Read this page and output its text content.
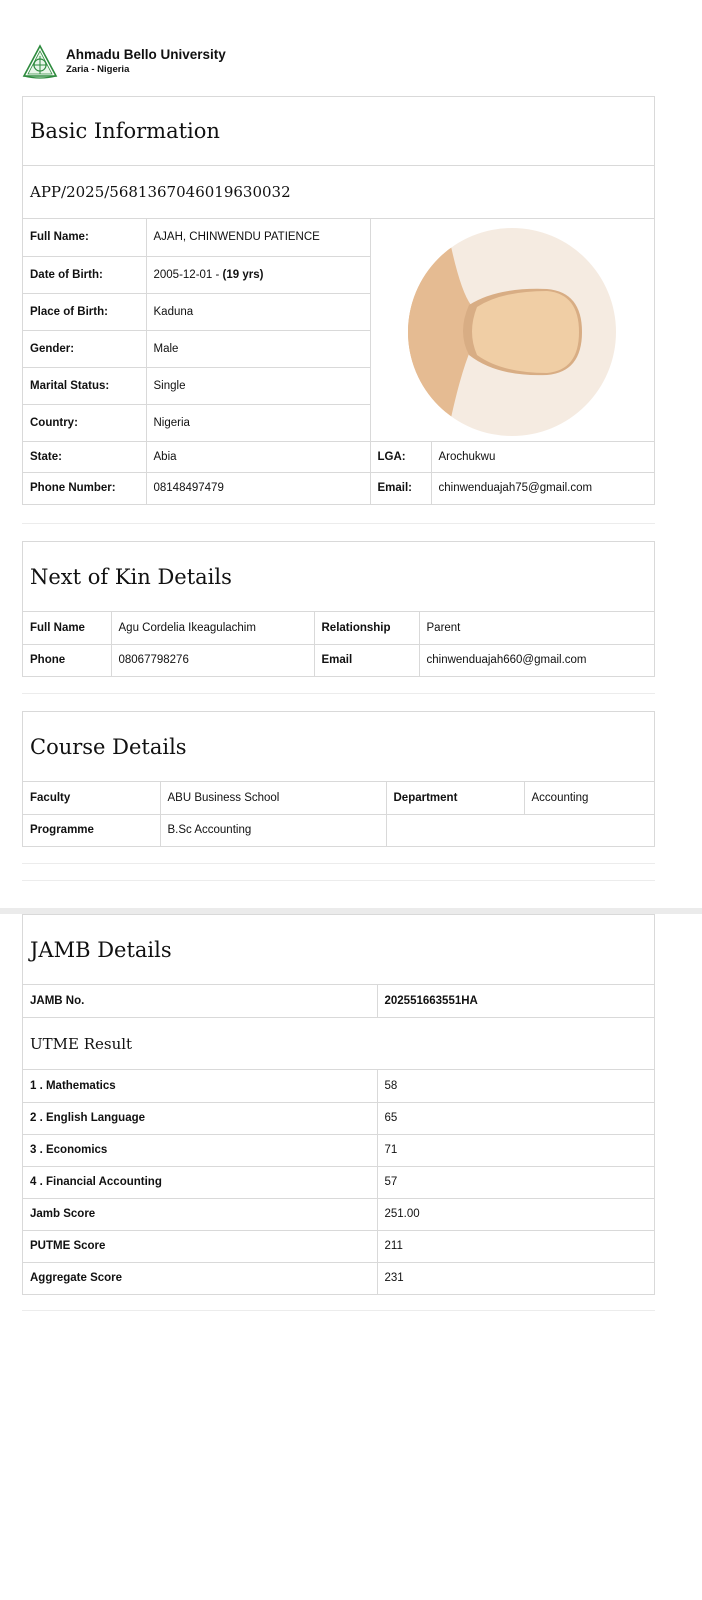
Ahmadu Bello University
Zaria - Nigeria
Basic Information
APP/2025/5681367046019630032
Full Name:	AJAH, CHINWENDU PATIENCE	

Date of Birth:	2005-12-01 - (19 yrs)		
Place of Birth:	Kaduna		
Gender:	Male		
Marital Status:	Single		
Country:	Nigeria		
State:	Abia	LGA:	Arochukwu
Phone Number:	08148497479	Email:	chinwenduajah75@gmail.com
Next of Kin Details
Full Name	Agu Cordelia Ikeagulachim	Relationship	Parent
Phone	08067798276	Email	chinwenduajah660@gmail.com
Course Details
Faculty	ABU Business School	Department	Accounting
Programme	B.Sc Accounting		
JAMB Details
JAMB No.	202551663551HA
UTME Result
1 . Mathematics	58
2 . English Language	65
3 . Economics	71
4 . Financial Accounting	57
Jamb Score	251.00
PUTME Score	211
Aggregate Score	231
